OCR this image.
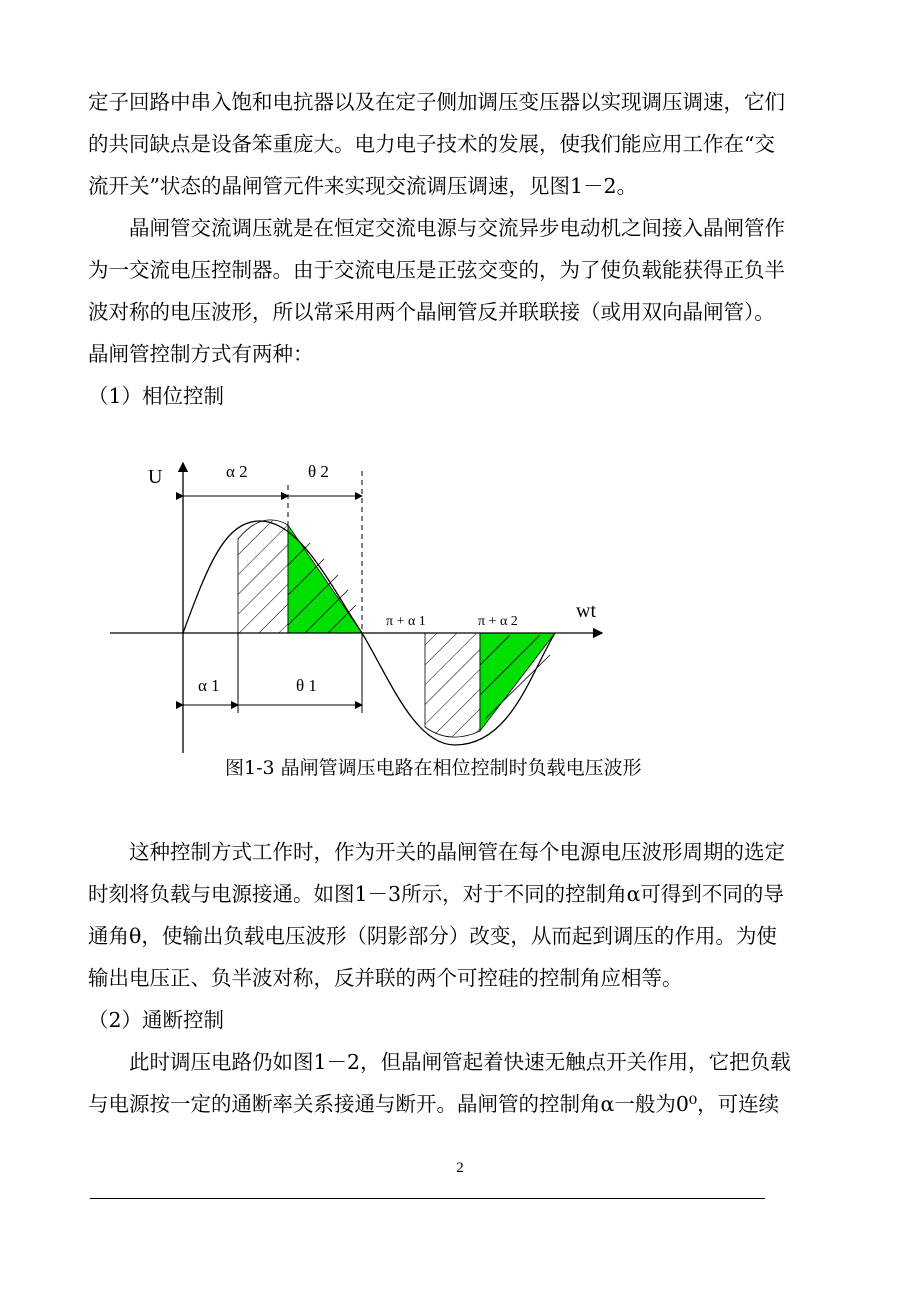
定子回路中串入饱和电抗器以及在定子侧加调压变压器以实现调压调速，它们

的共同缺点是设备笨重庞大。电力电子技术的发展，使我们能应用工作在“交

流开关”状态的晶闸管元件来实现交流调压调速，见图1－2。

　　晶闸管交流调压就是在恒定交流电源与交流异步电动机之间接入晶闸管作

为一交流电压控制器。由于交流电压是正弦交变的，为了使负载能获得正负半

波对称的电压波形，所以常采用两个晶闸管反并联联接（或用双向晶闸管）。

晶闸管控制方式有两种：

（1）相位控制

U
wt
α 2	θ 2
α 1	θ 1
π + α 1	π + α 2
图1-3 晶闸管调压电路在相位控制时负载电压波形

　　这种控制方式工作时，作为开关的晶闸管在每个电源电压波形周期的选定

时刻将负载与电源接通。如图1－3所示，对于不同的控制角α可得到不同的导

通角θ，使输出负载电压波形（阴影部分）改变，从而起到调压的作用。为使

输出电压正、负半波对称，反并联的两个可控硅的控制角应相等。

（2）通断控制

　　此时调压电路仍如图1－2，但晶闸管起着快速无触点开关作用，它把负载

与电源按一定的通断率关系接通与断开。晶闸管的控制角α一般为0⁰，可连续

2
